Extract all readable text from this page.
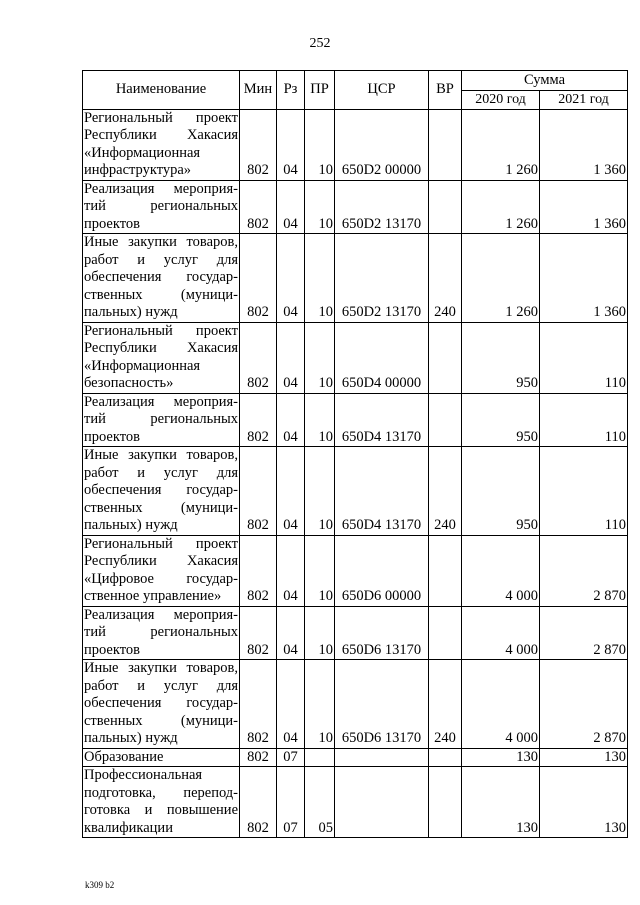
252
Наименование	Мин	Рз	ПР	ЦСР	ВР	Сумма	
						2020 год	2021 год

Региональный проект
Республики Хакасия
«Информационная
инфраструктура»	802	04	10	650D2 00000		1 260	1 360

Реализация мероприя-
тий региональных
проектов	802	04	10	650D2 13170		1 260	1 360

Иные закупки товаров,
работ и услуг для
обеспечения государ-
ственных (муници-
пальных) нужд	802	04	10	650D2 13170	240	1 260	1 360

Региональный проект
Республики Хакасия
«Информационная
безопасность»	802	04	10	650D4 00000		950	110

Реализация мероприя-
тий региональных
проектов	802	04	10	650D4 13170		950	110

Иные закупки товаров,
работ и услуг для
обеспечения государ-
ственных (муници-
пальных) нужд	802	04	10	650D4 13170	240	950	110

Региональный проект
Республики Хакасия
«Цифровое государ-
ственное управление»	802	04	10	650D6 00000		4 000	2 870

Реализация мероприя-
тий региональных
проектов	802	04	10	650D6 13170		4 000	2 870

Иные закупки товаров,
работ и услуг для
обеспечения государ-
ственных (муници-
пальных) нужд	802	04	10	650D6 13170	240	4 000	2 870

Образование	802	07				130	130

Профессиональная
подготовка, перепод-
готовка и повышение
квалификации	802	07	05			130	130
k309 b2
